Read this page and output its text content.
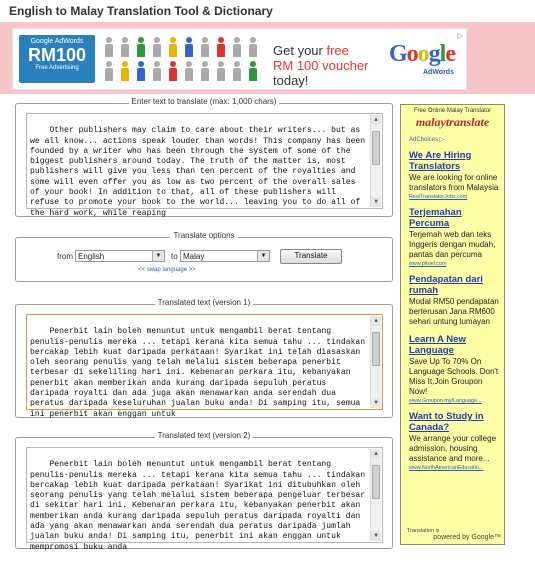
English to Malay Translation Tool & Dictionary
Google AdWords
RM100
Free Advertising
Get your free
RM 100 voucher today!
Google
AdWords
▷
Enter text to translate (max: 1,000 chars)

Other publishers may claim to care about their writers... but as we all know... actions speak louder than words! This company has been founded by a writer who has been through the system of some of the biggest publishers around today. The truth of the matter is, most publishers will give you less than ten percent of the royalties and some will even offer you as low as two percent of the overall sales of your book! In addition to that, all of these publishers will refuse to promote your book to the world... leaving you to do all of the hard work, while reaping

▲

▼

Translate options
from English	▼	to Malay	▼	Translate
<< swap language >>
Translated text (version 1)

Penerbit lain boleh menuntut untuk mengambil berat tentang penulis-penulis mereka ... tetapi kerana kita semua tahu ... tindakan bercakap lebih kuat daripada perkataan! Syarikat ini telah diasaskan oleh seorang penulis yang telah melalui sistem beberapa penerbit terbesar di sekeliling hari ini. Kebenaran perkara itu, kebanyakan penerbit akan memberikan anda kurang daripada sepuluh peratus daripada royalti dan ada juga akan menawarkan anda serendah dua peratus daripada keseluruhan jualan buku anda! Di samping itu, semua ini penerbit akan enggan untuk

▲

▼

Translated text (version 2)

Penerbit lain boleh menuntut untuk mengambil berat tentang penulis-penulis mereka ... tetapi kerana kita semua tahu ... tindakan bercakap lebih kuat daripada perkataan! Syarikat ini ditubuhkan oleh seorang penulis yang telah melalui sistem beberapa pengeluar terbesar di sekitar hari ini. Kebenaran perkara itu, kebanyakan penerbit akan memberikan anda kurang daripada sepuluh peratus daripada royalti dan ada yang akan menawarkan anda serendah dua peratus daripada jumlah jualan buku anda! Di samping itu, penerbit ini akan enggan untuk mempromosi buku anda

▲

▼

Free Online Malay Translator
malaytranslate
AdChoices ▷
We Are Hiring Translators
We are looking for online translators from Malaysia
RealTranslatorJobs.com
Terjemahan Percuma
Terjemah web dan teks Inggeris dengan mudah, pantas dan percuma
www.pltoel.com
Pendapatan dari rumah
Modal RM50 pendapatan berterusan Jana RM600 sehari untung lumayan
Learn A New Language
Save Up To 70% On Language Schools. Don't Miss It,Join Groupon Now!
www.Groupon.my/Language...
Want to Study in Canada?
We arrange your college admission, housing assistance and more...
www.NorthAmericanEducatio...
Translation is
powered by Google™
